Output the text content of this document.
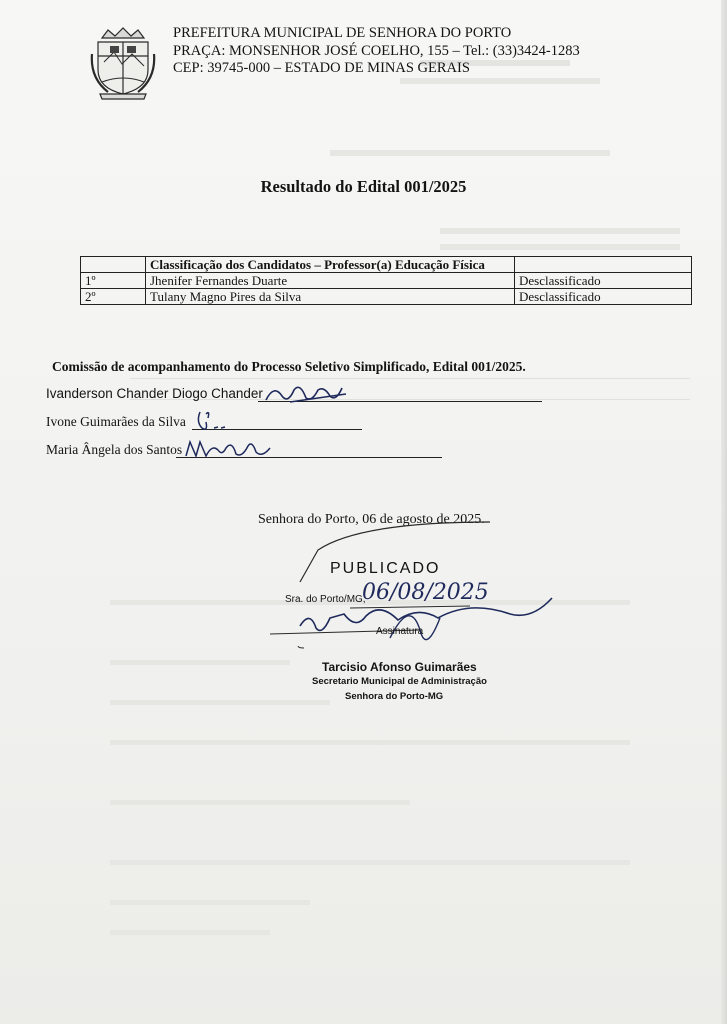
PREFEITURA MUNICIPAL DE SENHORA DO PORTO
PRAÇA: MONSENHOR JOSÉ COELHO, 155 – Tel.: (33)3424-1283
CEP: 39745-000 – ESTADO DE MINAS GERAIS
Resultado do Edital 001/2025
	Classificação dos Candidatos – Professor(a) Educação Física	
1º	Jhenifer Fernandes Duarte	Desclassificado
2º	Tulany Magno Pires da Silva	Desclassificado
Comissão de acompanhamento do Processo Seletivo Simplificado, Edital 001/2025.
Ivanderson Chander Diogo Chander
Ivone Guimarães da Silva
Maria Ângela dos Santos
Senhora do Porto, 06 de agosto de 2025.
PUBLICADO
Sra. do Porto/MG,
06/08/2025
Assinatura
Tarcisio Afonso Guimarães
Secretario Municipal de Administração
Senhora do Porto-MG
